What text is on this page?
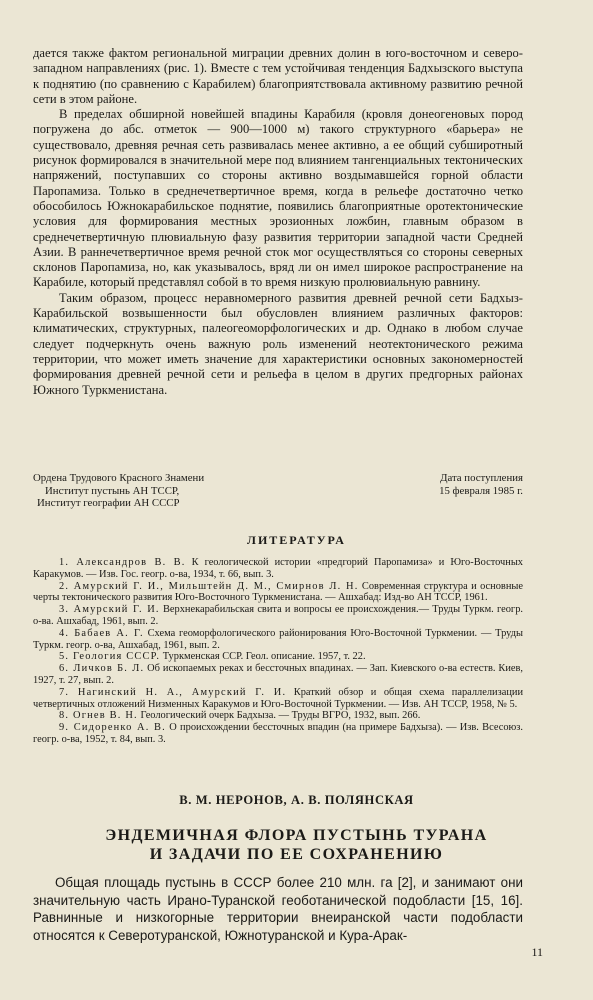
дается также фактом региональной миграции древних долин в юго-восточном и северо-западном направлениях (рис. 1). Вместе с тем устойчивая тенденция Бадхызского выступа к поднятию (по сравнению с Карабилем) благоприятствовала активному развитию речной сети в этом районе.

В пределах обширной новейшей впадины Карабиля (кровля донеогеновых пород погружена до абс. отметок — 900—1000 м) такого структурного «барьера» не существовало, древняя речная сеть развивалась менее активно, а ее общий субширотный рисунок формировался в значительной мере под влиянием тангенциальных тектонических напряжений, поступавших со стороны активно воздымавшейся горной области Паропамиза. Только в среднечетвертичное время, когда в рельефе достаточно четко обособилось Южнокарабильское поднятие, появились благоприятные оротектонические условия для формирования местных эрозионных ложбин, главным образом в среднечетвертичную плювиальную фазу развития территории западной части Средней Азии. В раннечетвертичное время речной сток мог осуществляться со стороны северных склонов Паропамиза, но, как указывалось, вряд ли он имел широкое распространение на Карабиле, который представлял собой в то время низкую пролювиальную равнину.

Таким образом, процесс неравномерного развития древней речной сети Бадхыз-Карабильской возвышенности был обусловлен влиянием различных факторов: климатических, структурных, палеогеоморфологических и др. Однако в любом случае следует подчеркнуть очень важную роль изменений неотектонического режима территории, что может иметь значение для характеристики основных закономерностей формирования древней речной сети и рельефа в целом в других предгорных районах Южного Туркменистана.

Ордена Трудового Красного Знамени
Институт пустынь АН ТССР,
Институт географии АН СССР
Дата поступления
15 февраля 1985 г.
ЛИТЕРАТУРА

1. Александров В. В. К геологической истории «предгорий Паропамиза» и Юго-Восточных Каракумов. — Изв. Гос. геогр. о-ва, 1934, т. 66, вып. 3.

2. Амурский Г. И., Мильштейн Д. М., Смирнов Л. Н. Современная структура и основные черты тектонического развития Юго-Восточного Туркменистана. — Ашхабад: Изд-во АН ТССР, 1961.

3. Амурский Г. И. Верхнекарабильская свита и вопросы ее происхождения.— Труды Туркм. геогр. о-ва. Ашхабад, 1961, вып. 2.

4. Бабаев А. Г. Схема геоморфологического районирования Юго-Восточной Туркмении. — Труды Туркм. геогр. о-ва, Ашхабад, 1961, вып. 2.

5. Геология СССР. Туркменская ССР. Геол. описание. 1957, т. 22.

6. Личков Б. Л. Об ископаемых реках и бессточных впадинах. — Зап. Киевского о-ва естеств. Киев, 1927, т. 27, вып. 2.

7. Нагинский Н. А., Амурский Г. И. Краткий обзор и общая схема параллелизации четвертичных отложений Низменных Каракумов и Юго-Восточной Туркмении. — Изв. АН ТССР, 1958, № 5.

8. Огнев В. Н. Геологический очерк Бадхыза. — Труды ВГРО, 1932, вып. 266.

9. Сидоренко А. В. О происхождении бессточных впадин (на примере Бадхыза). — Изв. Всесоюз. геогр. о-ва, 1952, т. 84, вып. 3.

В. М. НЕРОНОВ, А. В. ПОЛЯНСКАЯ
ЭНДЕМИЧНАЯ ФЛОРА ПУСТЫНЬ ТУРАНА
И ЗАДАЧИ ПО ЕЕ СОХРАНЕНИЮ

Общая площадь пустынь в СССР более 210 млн. га [2], и занимают они значительную часть Ирано-Туранской геоботанической подобласти [15, 16]. Равнинные и низкогорные территории внеиранской части подобласти относятся к Северотуранской, Южнотуранской и Кура-Арак-

11
